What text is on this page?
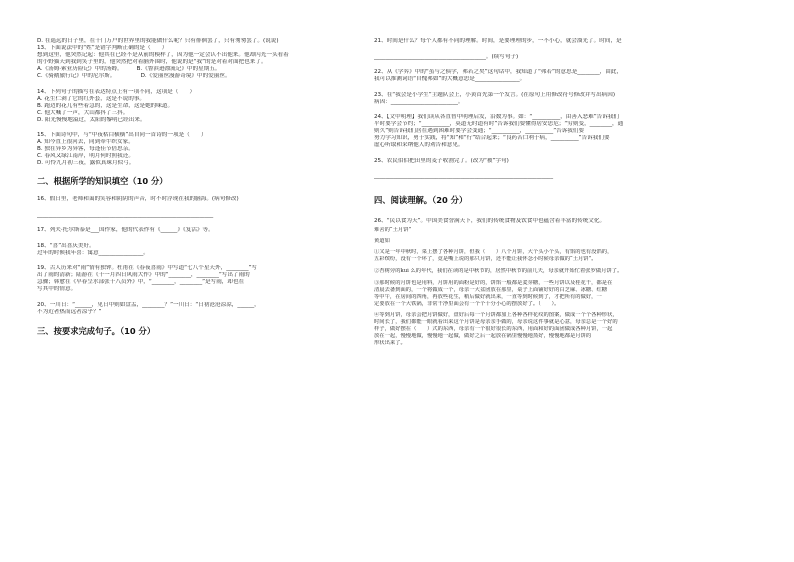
D. 在遥远的日子里，在千门万户的世界里的我能做什么呢？只有徘徊罢了，只有匆匆罢了。(说说)
13、下面说法中的“姓”是错字判断正确的是（　　）
想到这里，他突然记起：他其在已经不是从前的模样了，因为他一定会认不出他来。他却闪光一头看着
的小野猫天到我到笑子里的，他突然把对着脑外围时，他说的是“我”的是对着对面把也来了。
A.《汤姆·索亚历险记》中的汤姆。　　　B.《鲁滨逊漂流记》中的星期五。
C.《骑鹅旅行记》中的尼尔斯。　　　　　D.《爱丽丝漫游奇境》中的爱丽丝。
14、下列句子的描写在表达特点上有一项不同，这项是（　　）
A. 花生仁剥了它的红外套，这是不说的事。
B. 跑边的花儿有些着急的，这是生命，这是她的味道。
C. 他大喊了一声，大山都抖了三抖。
D. 阳光慢慢地溢过，太阳的黎明已经出来。
15、下面诗句中，与“中夜枯白横横”出自同一首诗的一项是（　　）
A. 知今直上很河去，同到牵牛织女家。
B. 独在异乡为异客，每逢佳节倍思亲。
C. 春风又绿江南岸，明月何时照我还。
D. 可怜九月初三夜，露似真珠月似弓。
二、根据所学的知识填空（10 分）
16、假日里，老师和蔼的笑容和阴阴的声音，时不时浮现在我的脑海。(病句修改)
_______________________________________________________________
17、列夫·托尔斯泰是___国作家，他的代表作有《______》《复活》等。
18、“喜”出喜庆美好。
过年的时候我年喜：寓意________________。
19、古人历来对“雨”情有独钟。杜甫在《春夜喜雨》中写道“七八个星天外，________”写
出了雨的清新；陆游在《十一月四日风雨大作》中的“________，________”写出了雨的
急骤；韩愈在《早春呈水部张十八员外》中，“________，________”是写雨，却也在
写其中的情意。
20、一川日：“______，见日中则如盘盂，________？”一川日：“日初沧沧凉凉，______，
不为近者热而远者凉乎？”
三、按要求完成句子。（10 分）
21、时间是什么？每个人都有不同的理解。时间，是要理理的步，一不小心，就会溜光了。时间，是
________________________________________。(续写句子)
22、从《学弈》中的“虽与之俱学，弗若之矣”这句话中，我知道了“弗若”的意思是________，由此，
我可以推测词语“自愧弗如”的大概意思是________________。
23、在“我会是小学生”主题队会上，小黄首先第一个发言。(在原句上用修改符号修改并写出病因)
病因：________________________。
24、【文中明理】我们读从各直智中明理启发，沿数为事。如：“__________，由善入恶难”告诉我们
平时要学会节约；“__________，莫道无时道有时”告诉我们要懂得居安思危；“穷则变，________，通
则久”则告诉我们居在遇到困难时要学会变通；“__________，__________”告诉我们要
努力学习知识，勇于实践，将“知”和“行”结合起来；“良药苦口利于病，__________”告诉我们要
虚心听取和采纳他人的劝告和意见。
25、农民伯伯把田里的麦子收割完了。(改为“被”字句)
________________________________________________________________
四、阅读理解。（20 分）
26、“民以食为天”。中国美食誉满天下，我们的传统食物及饮食中也蕴含着丰富的传统文化。
难舍的“土月饼”
黄道如
①又是一年中秋时，菜上摆了各种月饼，但我（　　）八个月饼，大个头小个头，有馅的也有没馅的，
五彩缤纷，没有一个坏了，竟是嘴上说的那只月饼，还不能让我怀念小时候母亲做的“土月饼”。
②杏树旁的kuì 么的年代，我们在读的是中秋节的，居然中秋节的前几天，母亲就开始忙着张罗做月饼了。
③那时候的月饼也是用料，月饼用的面粉是好的，饼馅一般都是麦芽糖，一些月饼以及桂花干，都是在
清晨去备到面的，一个将做成一个，母亲一大盆团放在那里，桌子上面铺好好的白芝麻、冰糖、红糖
等中午，在房间的四角，再放些花生，稍后做好就出来，一直等到时候到了，才把所有的做好，一
定要放在一个大铁锅，非常干净里面会有一个个十分小心的摆放好了。（　　）。
④等到月饼，母亲会把月饼做好，盘好后每一个月饼都加上各种各样花纹的图案，做成一个个各种形状，
时间长了，我们都能一眼就看出来这个月饼是母亲亲手做的，母亲说这件事就是心意，母亲总是一个好的
样子，做好摆在（　　）式的东西，母亲有一个很好很长的东西，用面和好的面团做成各种月饼，一起
放在一起，慢慢地做，慢慢地一起做，做好之后一起放在锅里慢慢地蒸好，慢慢地都是月饼的
形状出来了。
